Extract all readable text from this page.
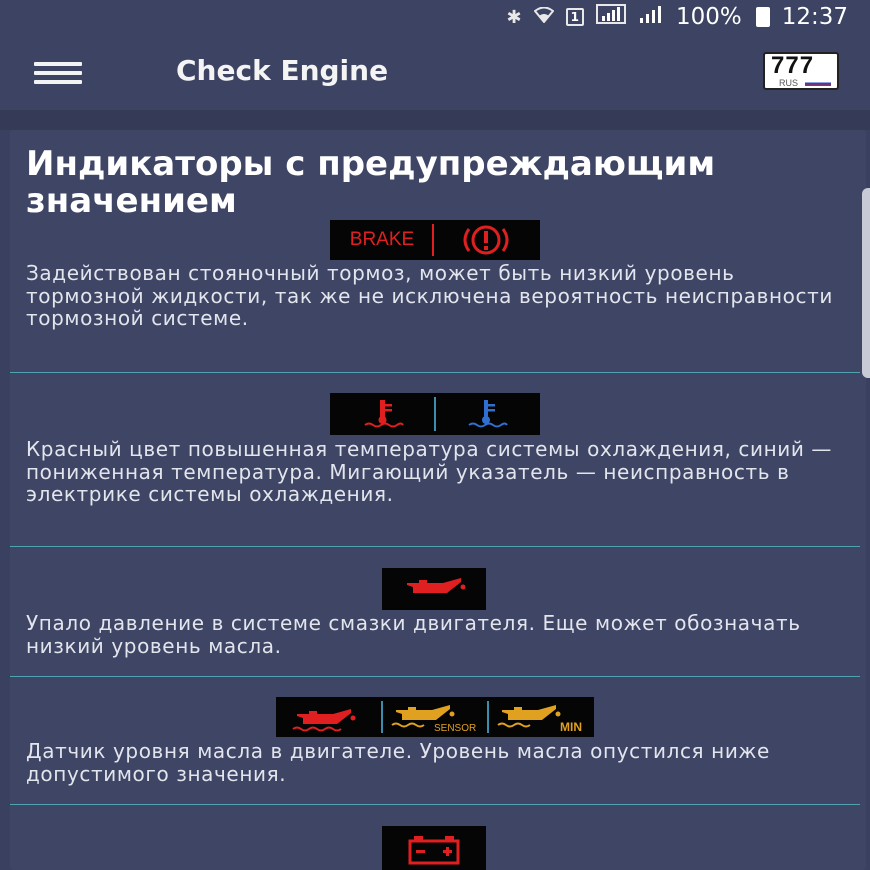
✱	1	100% 12:37
Check Engine	777
RUS
Индикаторы с предупреждающим значением
BRAKE
Задействован стояночный тормоз, может быть низкий уровень тормозной жидкости, так же не исключена вероятность неисправности тормозной системе.
Красный цвет повышенная температура системы охлаждения, синий — пониженная температура. Мигающий указатель — неисправность в электрике системы охлаждения.
Упало давление в системе смазки двигателя. Еще может обозначать низкий уровень масла.
SENSOR	MIN
Датчик уровня масла в двигателе. Уровень масла опустился ниже допустимого значения.
